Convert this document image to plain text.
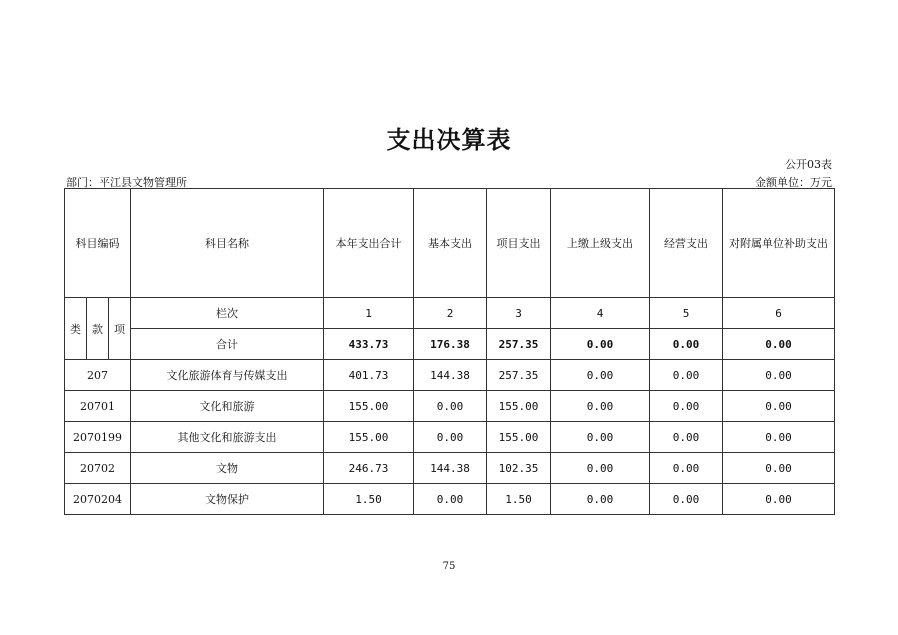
支出决算表
公开03表
部门：平江县文物管理所	金额单位：万元
科目编码			科目名称	本年支出合计	基本支出	项目支出	上缴上级支出	经营支出	对附属单位补助支出
类	款	项	栏次	1	2	3	4	5	6
			合计	433.73	176.38	257.35	0.00	0.00	0.00
207			文化旅游体育与传媒支出	401.73	144.38	257.35	0.00	0.00	0.00
20701			文化和旅游	155.00	0.00	155.00	0.00	0.00	0.00
2070199			其他文化和旅游支出	155.00	0.00	155.00	0.00	0.00	0.00
20702			文物	246.73	144.38	102.35	0.00	0.00	0.00
2070204			文物保护	1.50	0.00	1.50	0.00	0.00	0.00
75
